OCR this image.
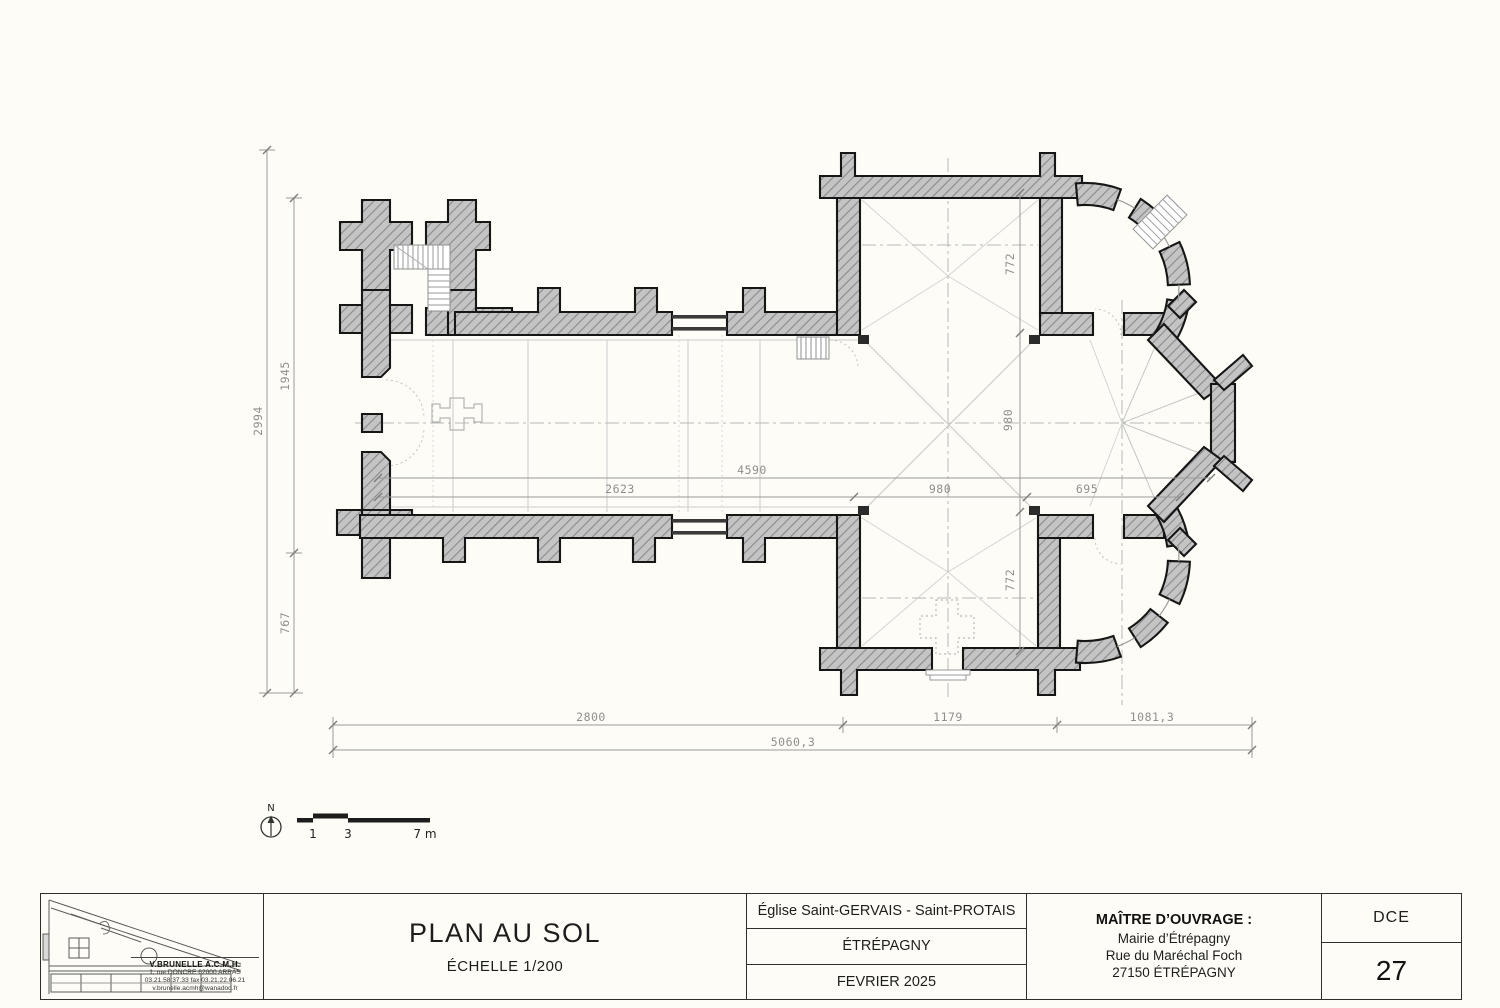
2994
1945
767
2800	1179	1081,3
5060,3
4590
2623	980	695
772
980
772
N
1 3	7 m
V.BRUNELLE A.C.M.H.
1, rue DONCRE 62000 ARRAS
03.21.58.37.33 fax 03.21.22.06.21
v.brunelle.acmh@wanadoo.fr
PLAN AU SOL
ÉCHELLE 1/200
Église Saint-GERVAIS - Saint-PROTAIS
ÉTRÉPAGNY
FEVRIER 2025
MAÎTRE D’OUVRAGE :
Mairie d’Étrépagny
Rue du Maréchal Foch
27150 ÉTRÉPAGNY
DCE
27
